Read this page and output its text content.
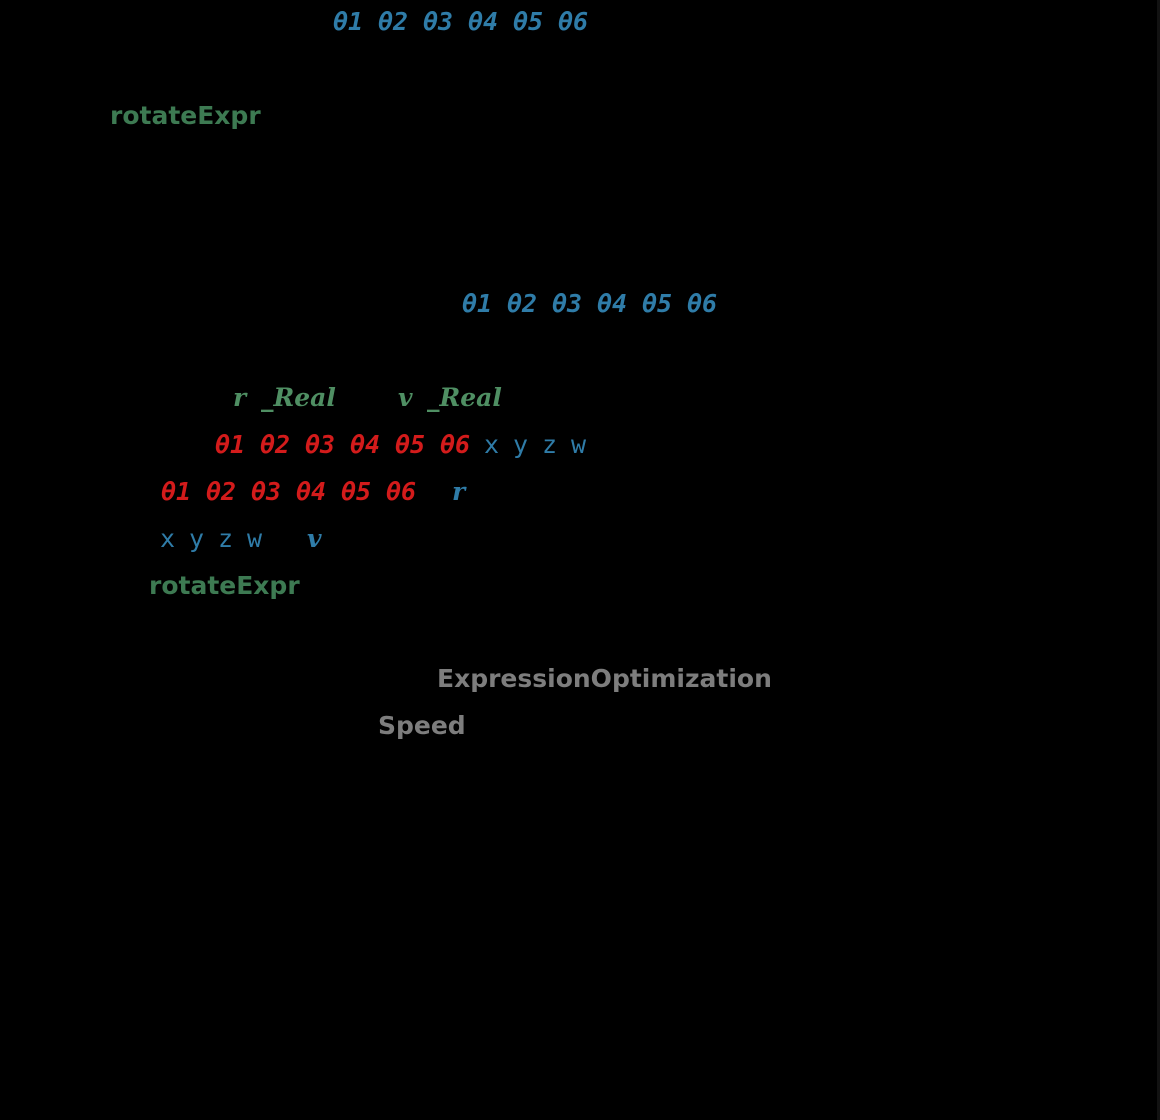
θ1 θ2 θ3 θ4 θ5 θ6
rotateExpr
θ1 θ2 θ3 θ4 θ5 θ6
r _Real v _Real
θ1 θ2 θ3 θ4 θ5 θ6 x y z w
θ1 θ2 θ3 θ4 θ5 θ6 r
x y z w v
rotateExpr
ExpressionOptimization
Speed
